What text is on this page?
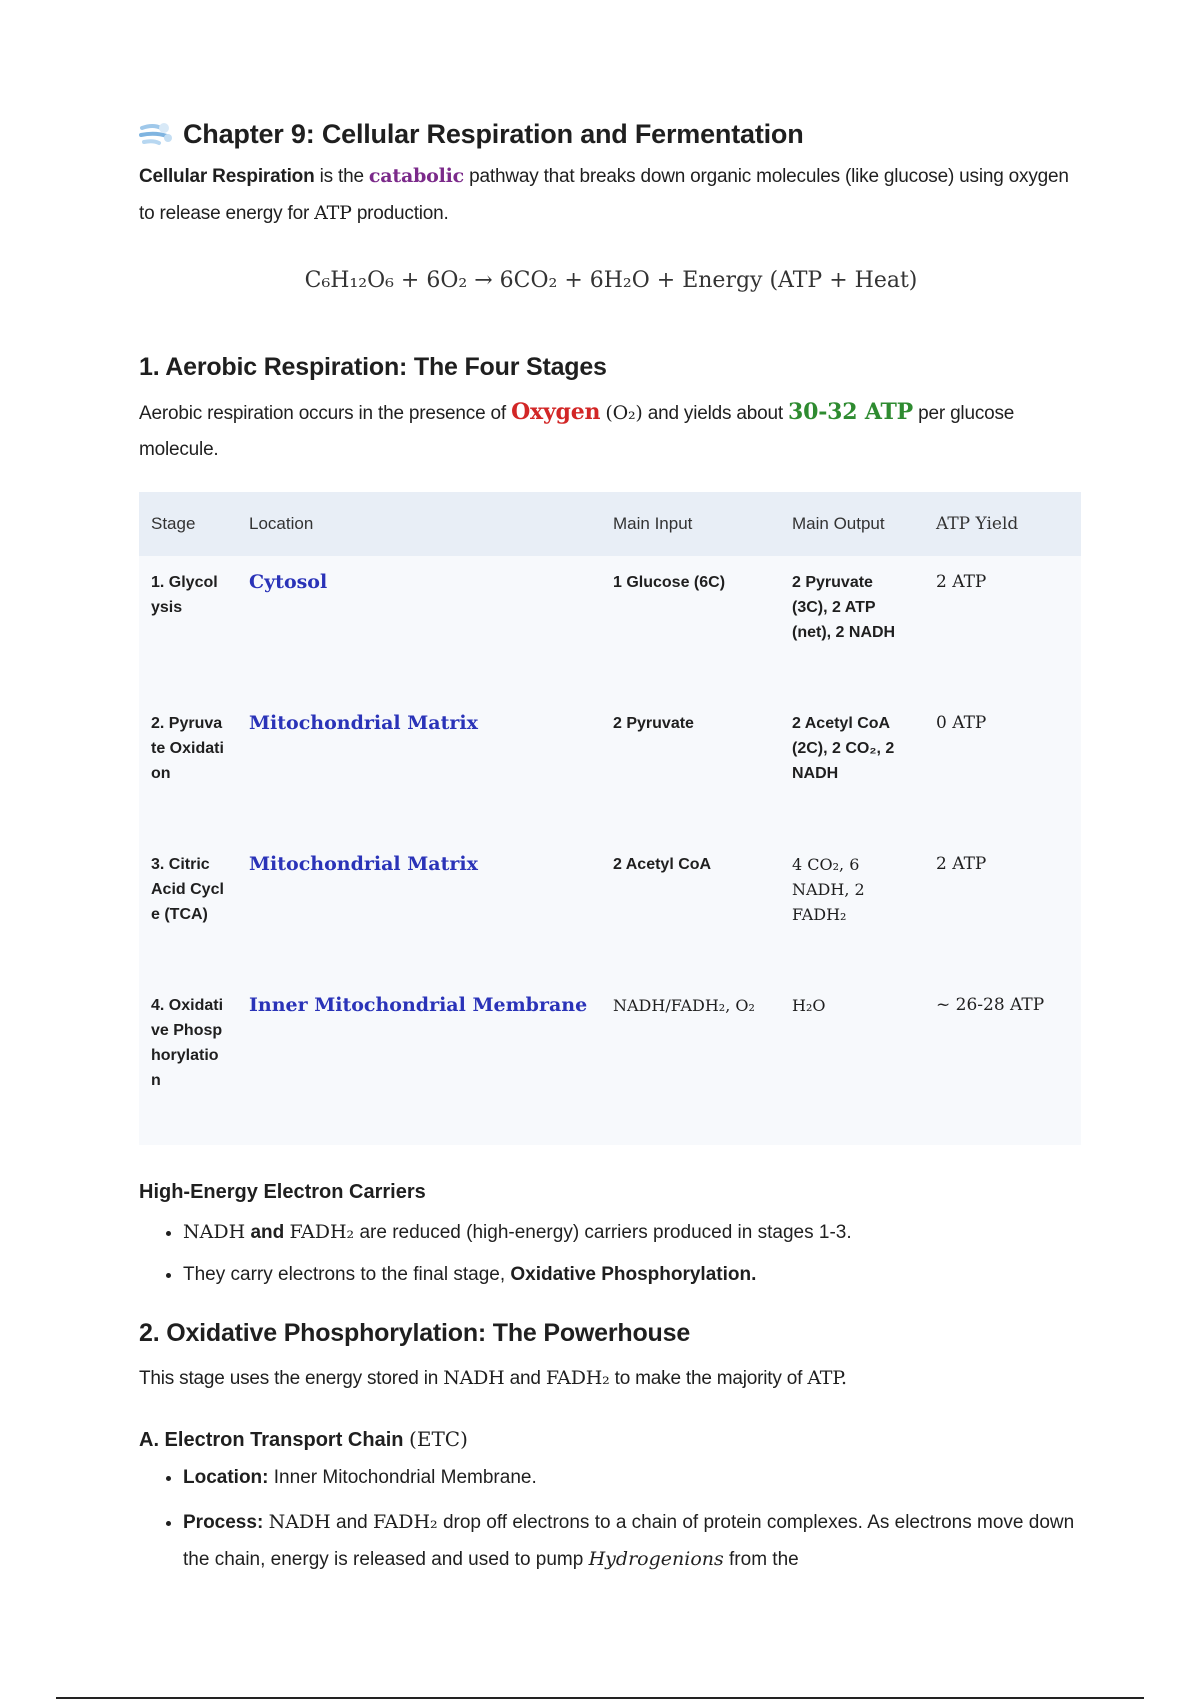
Chapter 9: Cellular Respiration and Fermentation

Cellular Respiration is the catabolic pathway that breaks down organic molecules (like glucose) using oxygen to release energy for ATP production.

C₆H₁₂O₆ + 6O₂ → 6CO₂ + 6H₂O + Energy (ATP + Heat)
1. Aerobic Respiration: The Four Stages

Aerobic respiration occurs in the presence of Oxygen (O₂) and yields about 30-32 ATP per glucose molecule.

Stage	Location	Main Input	Main Output	ATP Yield
1. Glycolysis	Cytosol	1 Glucose (6C)	2 Pyruvate (3C), 2 ATP (net), 2 NADH	2 ATP
2. Pyruvate Oxidation	Mitochondrial Matrix	2 Pyruvate	2 Acetyl CoA (2C), 2 CO₂, 2 NADH	0 ATP
3. Citric Acid Cycle (TCA)	Mitochondrial Matrix	2 Acetyl CoA	4 CO₂, 6 NADH, 2 FADH₂	2 ATP
4. Oxidative Phosphorylation	Inner Mitochondrial Membrane	NADH/FADH₂, O₂	H₂O	~ 26-28 ATP
High-Energy Electron Carriers
• NADH and FADH₂ are reduced (high-energy) carriers produced in stages 1-3.
• They carry electrons to the final stage, Oxidative Phosphorylation.
2. Oxidative Phosphorylation: The Powerhouse

This stage uses the energy stored in NADH and FADH₂ to make the majority of ATP.

A. Electron Transport Chain (ETC)
• Location: Inner Mitochondrial Membrane.
• Process: NADH and FADH₂ drop off electrons to a chain of protein complexes. As electrons move down the chain, energy is released and used to pump Hydrogenions from the
